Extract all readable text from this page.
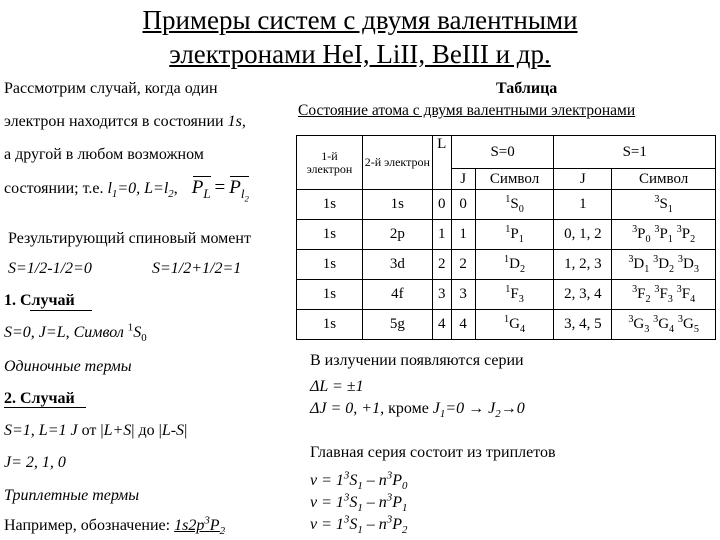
Примеры систем с двумя валентными
электронами HeI, LiII, BeIII и др.
Рассмотрим случай, когда один
электрон находится в состоянии 1s,
а другой в любом возможном
состоянии; т.е. $l_1=0$, $L=l_2$, $P_L = P_{l_2}$
Результирующий спиновый момент
S=1/2-1/2=0	S=1/2+1/2=1
1. Случай
S=0, J=L, Символ $^1S_0$
Одиночные термы
2. Случай
S=1, L=1 J от |L+S| до |L-S|
J= 2, 1, 0
Триплетные термы
Например, обозначение: $1s2p^3P_2$
Таблица
Состояние атома с двумя валентными электронами
1-й электрон	2-й электрон	L	S=0		S=1	
			J	Символ	J	Символ
1s	1s	0	0	$^1S_0$	1	$^3S_1$
1s	2p	1	1	$^1P_1$	0, 1, 2	$^3P_0$ $^3P_1$ $^3P_2$
1s	3d	2	2	$^1D_2$	1, 2, 3	$^3D_1$ $^3D_2$ $^3D_3$
1s	4f	3	3	$^1F_3$	2, 3, 4	$^3F_2$ $^3F_3$ $^3F_4$
1s	5g	4	4	$^1G_4$	3, 4, 5	$^3G_3$ $^3G_4$ $^3G_5$
В излучении появляются серии
ΔL = ±1
ΔJ = 0, +1, кроме $J_1=0 \to J_2\to 0$
Главная серия состоит из триплетов
$\nu = 1^3S_1 - n^3P_0$
$\nu = 1^3S_1 - n^3P_1$
$\nu = 1^3S_1 - n^3P_2$
